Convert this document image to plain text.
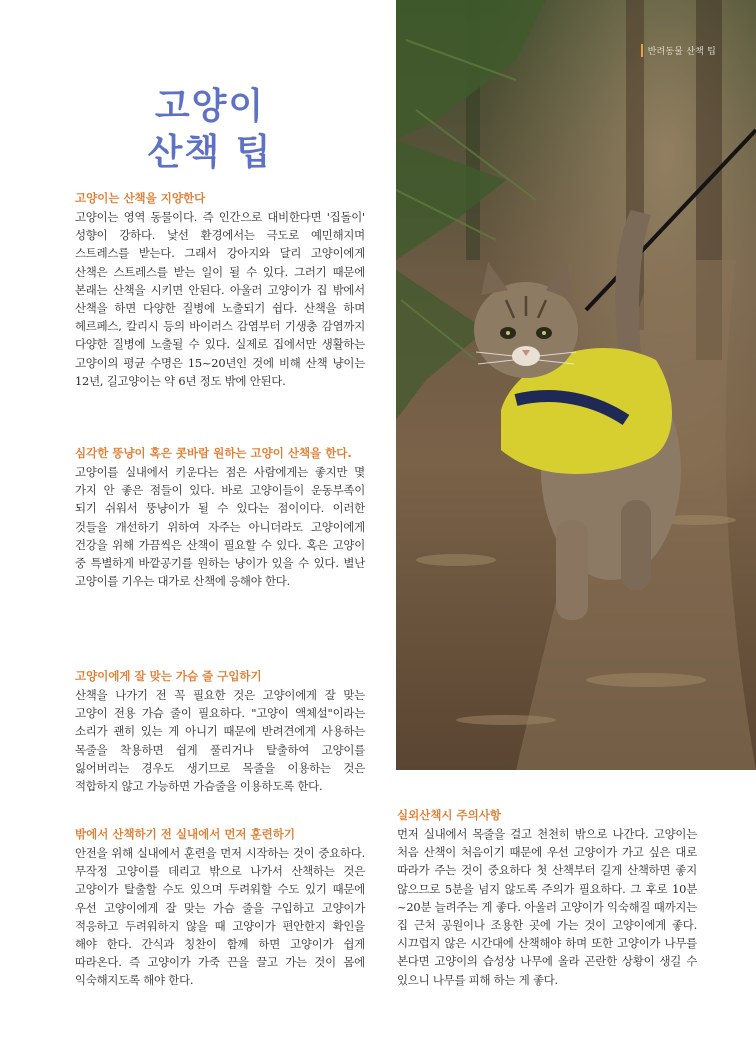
반려동물 산책 팁
고양이
산책 팁
고양이는 산책을 지양한다

고양이는 영역 동물이다. 즉 인간으로 대비한다면 '집돌이' 성향이 강하다. 낯선 환경에서는 극도로 예민해지며 스트레스를 받는다. 그래서 강아지와 달리 고양이에게 산책은 스트레스를 받는 일이 될 수 있다. 그러기 때문에 본래는 산책을 시키면 안된다. 아울러 고양이가 집 밖에서 산책을 하면 다양한 질병에 노출되기 쉽다. 산책을 하며 헤르페스, 칼리시 등의 바이러스 감염부터 기생충 감염까지 다양한 질병에 노출될 수 있다. 실제로 집에서만 생활하는 고양이의 평균 수명은 15~20년인 것에 비해 산책 냥이는 12년, 길고양이는 약 6년 정도 밖에 안된다.

심각한 뚱냥이 혹은 콧바람 원하는 고양이 산책을 한다.

고양이를 실내에서 키운다는 점은 사람에게는 좋지만 몇 가지 안 좋은 점들이 있다. 바로 고양이들이 운동부족이 되기 쉬워서 뚱냥이가 될 수 있다는 점이이다. 이러한 것들을 개선하기 위하여 자주는 아니더라도 고양이에게 건강을 위해 가끔씩은 산책이 필요할 수 있다. 혹은 고양이 중 특별하게 바깥공기를 원하는 냥이가 있을 수 있다. 별난 고양이를 기우는 대가로 산책에 응해야 한다.

고양이에게 잘 맞는 가슴 줄 구입하기

산책을 나가기 전 꼭 필요한 것은 고양이에게 잘 맞는 고양이 전용 가슴 줄이 필요하다. "고양이 액체설"이라는 소리가 괜히 있는 게 아니기 때문에 반려견에게 사용하는 목줄을 착용하면 쉽게 풀리거나 탈출하여 고양이를 잃어버리는 경우도 생기므로 목줄을 이용하는 것은 적합하지 않고 가능하면 가슴줄을 이용하도록 한다.

밖에서 산책하기 전 실내에서 먼저 훈련하기

안전을 위해 실내에서 훈련을 먼저 시작하는 것이 중요하다. 무작정 고양이를 데리고 밖으로 나가서 산책하는 것은 고양이가 탈출할 수도 있으며 두려워할 수도 있기 때문에 우선 고양이에게 잘 맞는 가슴 줄을 구입하고 고양이가 적응하고 두려워하지 않을 때 고양이가 편안한지 확인을 해야 한다. 간식과 칭찬이 함께 하면 고양이가 쉽게 따라온다. 즉 고양이가 가죽 끈을 끌고 가는 것이 몸에 익숙해지도록 해야 한다.

실외산책시 주의사항

먼저 실내에서 목줄을 걸고 천천히 밖으로 나간다. 고양이는 처음 산책이 처음이기 때문에 우선 고양이가 가고 싶은 대로 따라가 주는 것이 중요하다 첫 산책부터 길게 산책하면 좋지 않으므로 5분을 넘지 않도록 주의가 필요하다. 그 후로 10분~20분 늘려주는 게 좋다. 아울러 고양이가 익숙해질 때까지는 집 근처 공원이나 조용한 곳에 가는 것이 고양이에게 좋다. 시끄럽지 않은 시간대에 산책해야 하며 또한 고양이가 나무를 본다면 고양이의 습성상 나무에 올라 곤란한 상황이 생길 수 있으니 나무를 피해 하는 게 좋다.
